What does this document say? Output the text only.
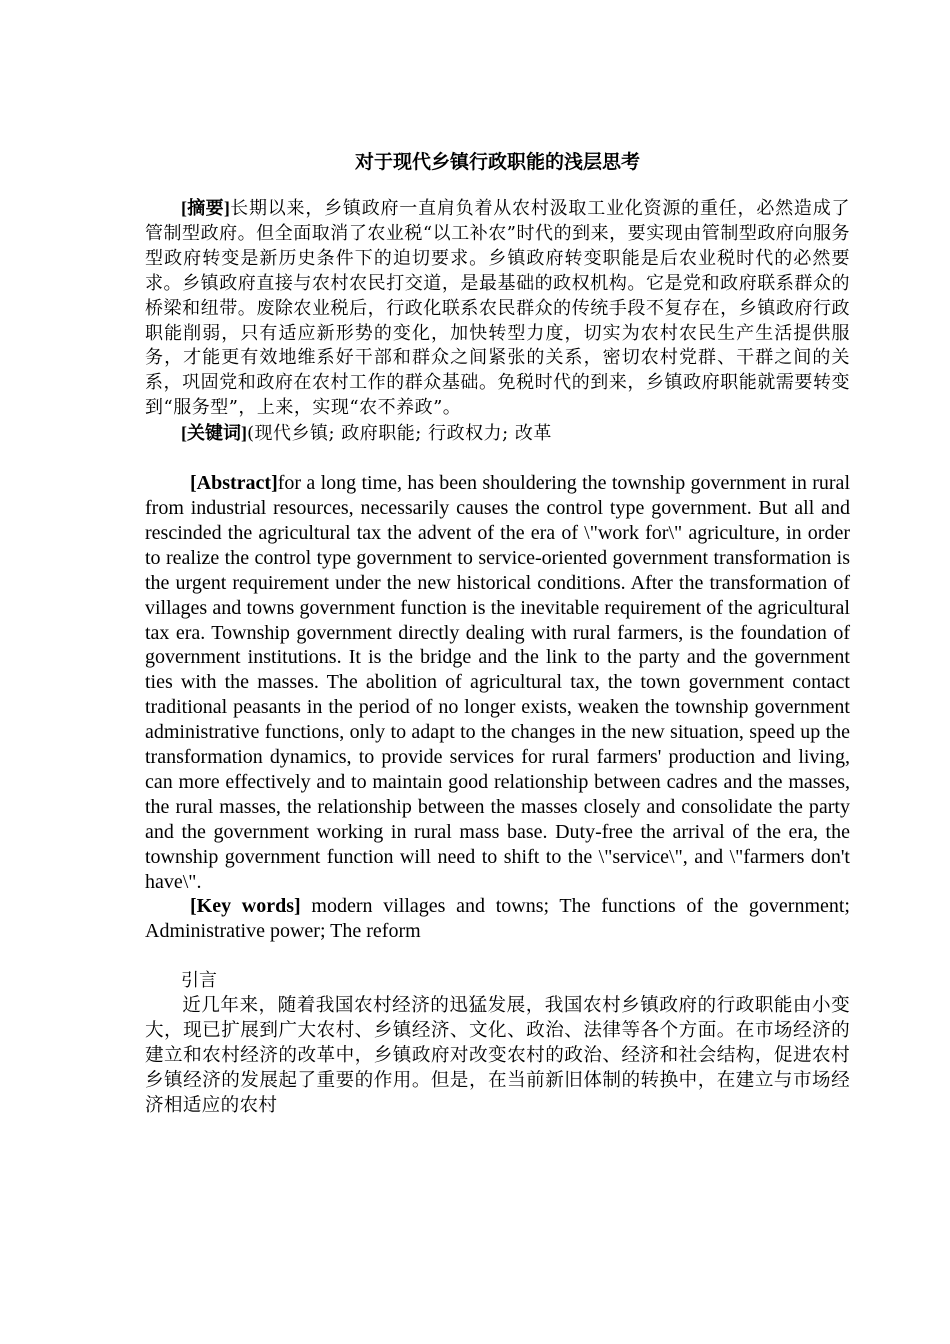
对于现代乡镇行政职能的浅层思考

[摘要]长期以来，乡镇政府一直肩负着从农村汲取工业化资源的重任，必然造成了管制型政府。但全面取消了农业税“以工补农”时代的到来，要实现由管制型政府向服务型政府转变是新历史条件下的迫切要求。乡镇政府转变职能是后农业税时代的必然要求。乡镇政府直接与农村农民打交道，是最基础的政权机构。它是党和政府联系群众的桥梁和纽带。废除农业税后，行政化联系农民群众的传统手段不复存在，乡镇政府行政职能削弱，只有适应新形势的变化，加快转型力度，切实为农村农民生产生活提供服务，才能更有效地维系好干部和群众之间紧张的关系，密切农村党群、干群之间的关系，巩固党和政府在农村工作的群众基础。免税时代的到来，乡镇政府职能就需要转变到“服务型”，上来，实现“农不养政”。

[关键词](现代乡镇; 政府职能; 行政权力; 改革

[Abstract]for a long time, has been shouldering the township government in rural from industrial resources, necessarily causes the control type government. But all and rescinded the agricultural tax the advent of the era of \"work for\" agriculture, in order to realize the control type government to service-oriented government transformation is the urgent requirement under the new historical conditions. After the transformation of villages and towns government function is the inevitable requirement of the agricultural tax era. Township government directly dealing with rural farmers, is the foundation of government institutions. It is the bridge and the link to the party and the government ties with the masses. The abolition of agricultural tax, the town government contact traditional peasants in the period of no longer exists, weaken the township government administrative functions, only to adapt to the changes in the new situation, speed up the transformation dynamics, to provide services for rural farmers' production and living, can more effectively and to maintain good relationship between cadres and the masses, the rural masses, the relationship between the masses closely and consolidate the party and the government working in rural mass base. Duty-free the arrival of the era, the township government function will need to shift to the \"service\", and \"farmers don't have\".

[Key words] modern villages and towns; The functions of the government; Administrative power; The reform

引言

近几年来，随着我国农村经济的迅猛发展，我国农村乡镇政府的行政职能由小变大，现已扩展到广大农村、乡镇经济、文化、政治、法律等各个方面。在市场经济的建立和农村经济的改革中，乡镇政府对改变农村的政治、经济和社会结构，促进农村乡镇经济的发展起了重要的作用。但是，在当前新旧体制的转换中，在建立与市场经济相适应的农村
